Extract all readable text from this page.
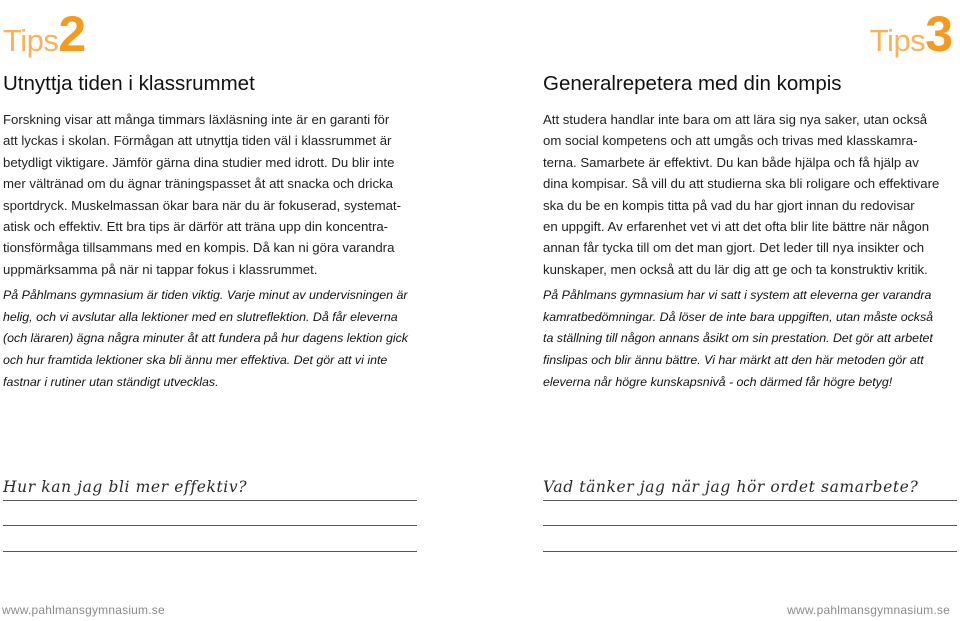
Tips2	Tips3
Utnyttja tiden i klassrummet

Forskning visar att många timmars läxläsning inte är en garanti för

att lyckas i skolan. Förmågan att utnyttja tiden väl i klassrummet är

betydligt viktigare. Jämför gärna dina studier med idrott. Du blir inte

mer vältränad om du ägnar träningspasset åt att snacka och dricka

sportdryck. Muskelmassan ökar bara när du är fokuserad, systemat-

atisk och effektiv. Ett bra tips är därför att träna upp din koncentra-

tionsförmåga tillsammans med en kompis. Då kan ni göra varandra

uppmärksamma på när ni tappar fokus i klassrummet.

På Påhlmans gymnasium är tiden viktig. Varje minut av undervisningen är

helig, och vi avslutar alla lektioner med en slutreflektion. Då får eleverna

(och läraren) ägna några minuter åt att fundera på hur dagens lektion gick

och hur framtida lektioner ska bli ännu mer effektiva. Det gör att vi inte

fastnar i rutiner utan ständigt utvecklas.

Hur kan jag bli mer effektiv?
Generalrepetera med din kompis

Att studera handlar inte bara om att lära sig nya saker, utan också

om social kompetens och att umgås och trivas med klasskamra-

terna. Samarbete är effektivt. Du kan både hjälpa och få hjälp av

dina kompisar. Så vill du att studierna ska bli roligare och effektivare

ska du be en kompis titta på vad du har gjort innan du redovisar

en uppgift. Av erfarenhet vet vi att det ofta blir lite bättre när någon

annan får tycka till om det man gjort. Det leder till nya insikter och

kunskaper, men också att du lär dig att ge och ta konstruktiv kritik.

På Påhlmans gymnasium har vi satt i system att eleverna ger varandra

kamratbedömningar. Då löser de inte bara uppgiften, utan måste också

ta ställning till någon annans åsikt om sin prestation. Det gör att arbetet

finslipas och blir ännu bättre. Vi har märkt att den här metoden gör att

eleverna når högre kunskapsnivå - och därmed får högre betyg!

Vad tänker jag när jag hör ordet samarbete?
www.pahlmansgymnasium.se	www.pahlmansgymnasium.se
